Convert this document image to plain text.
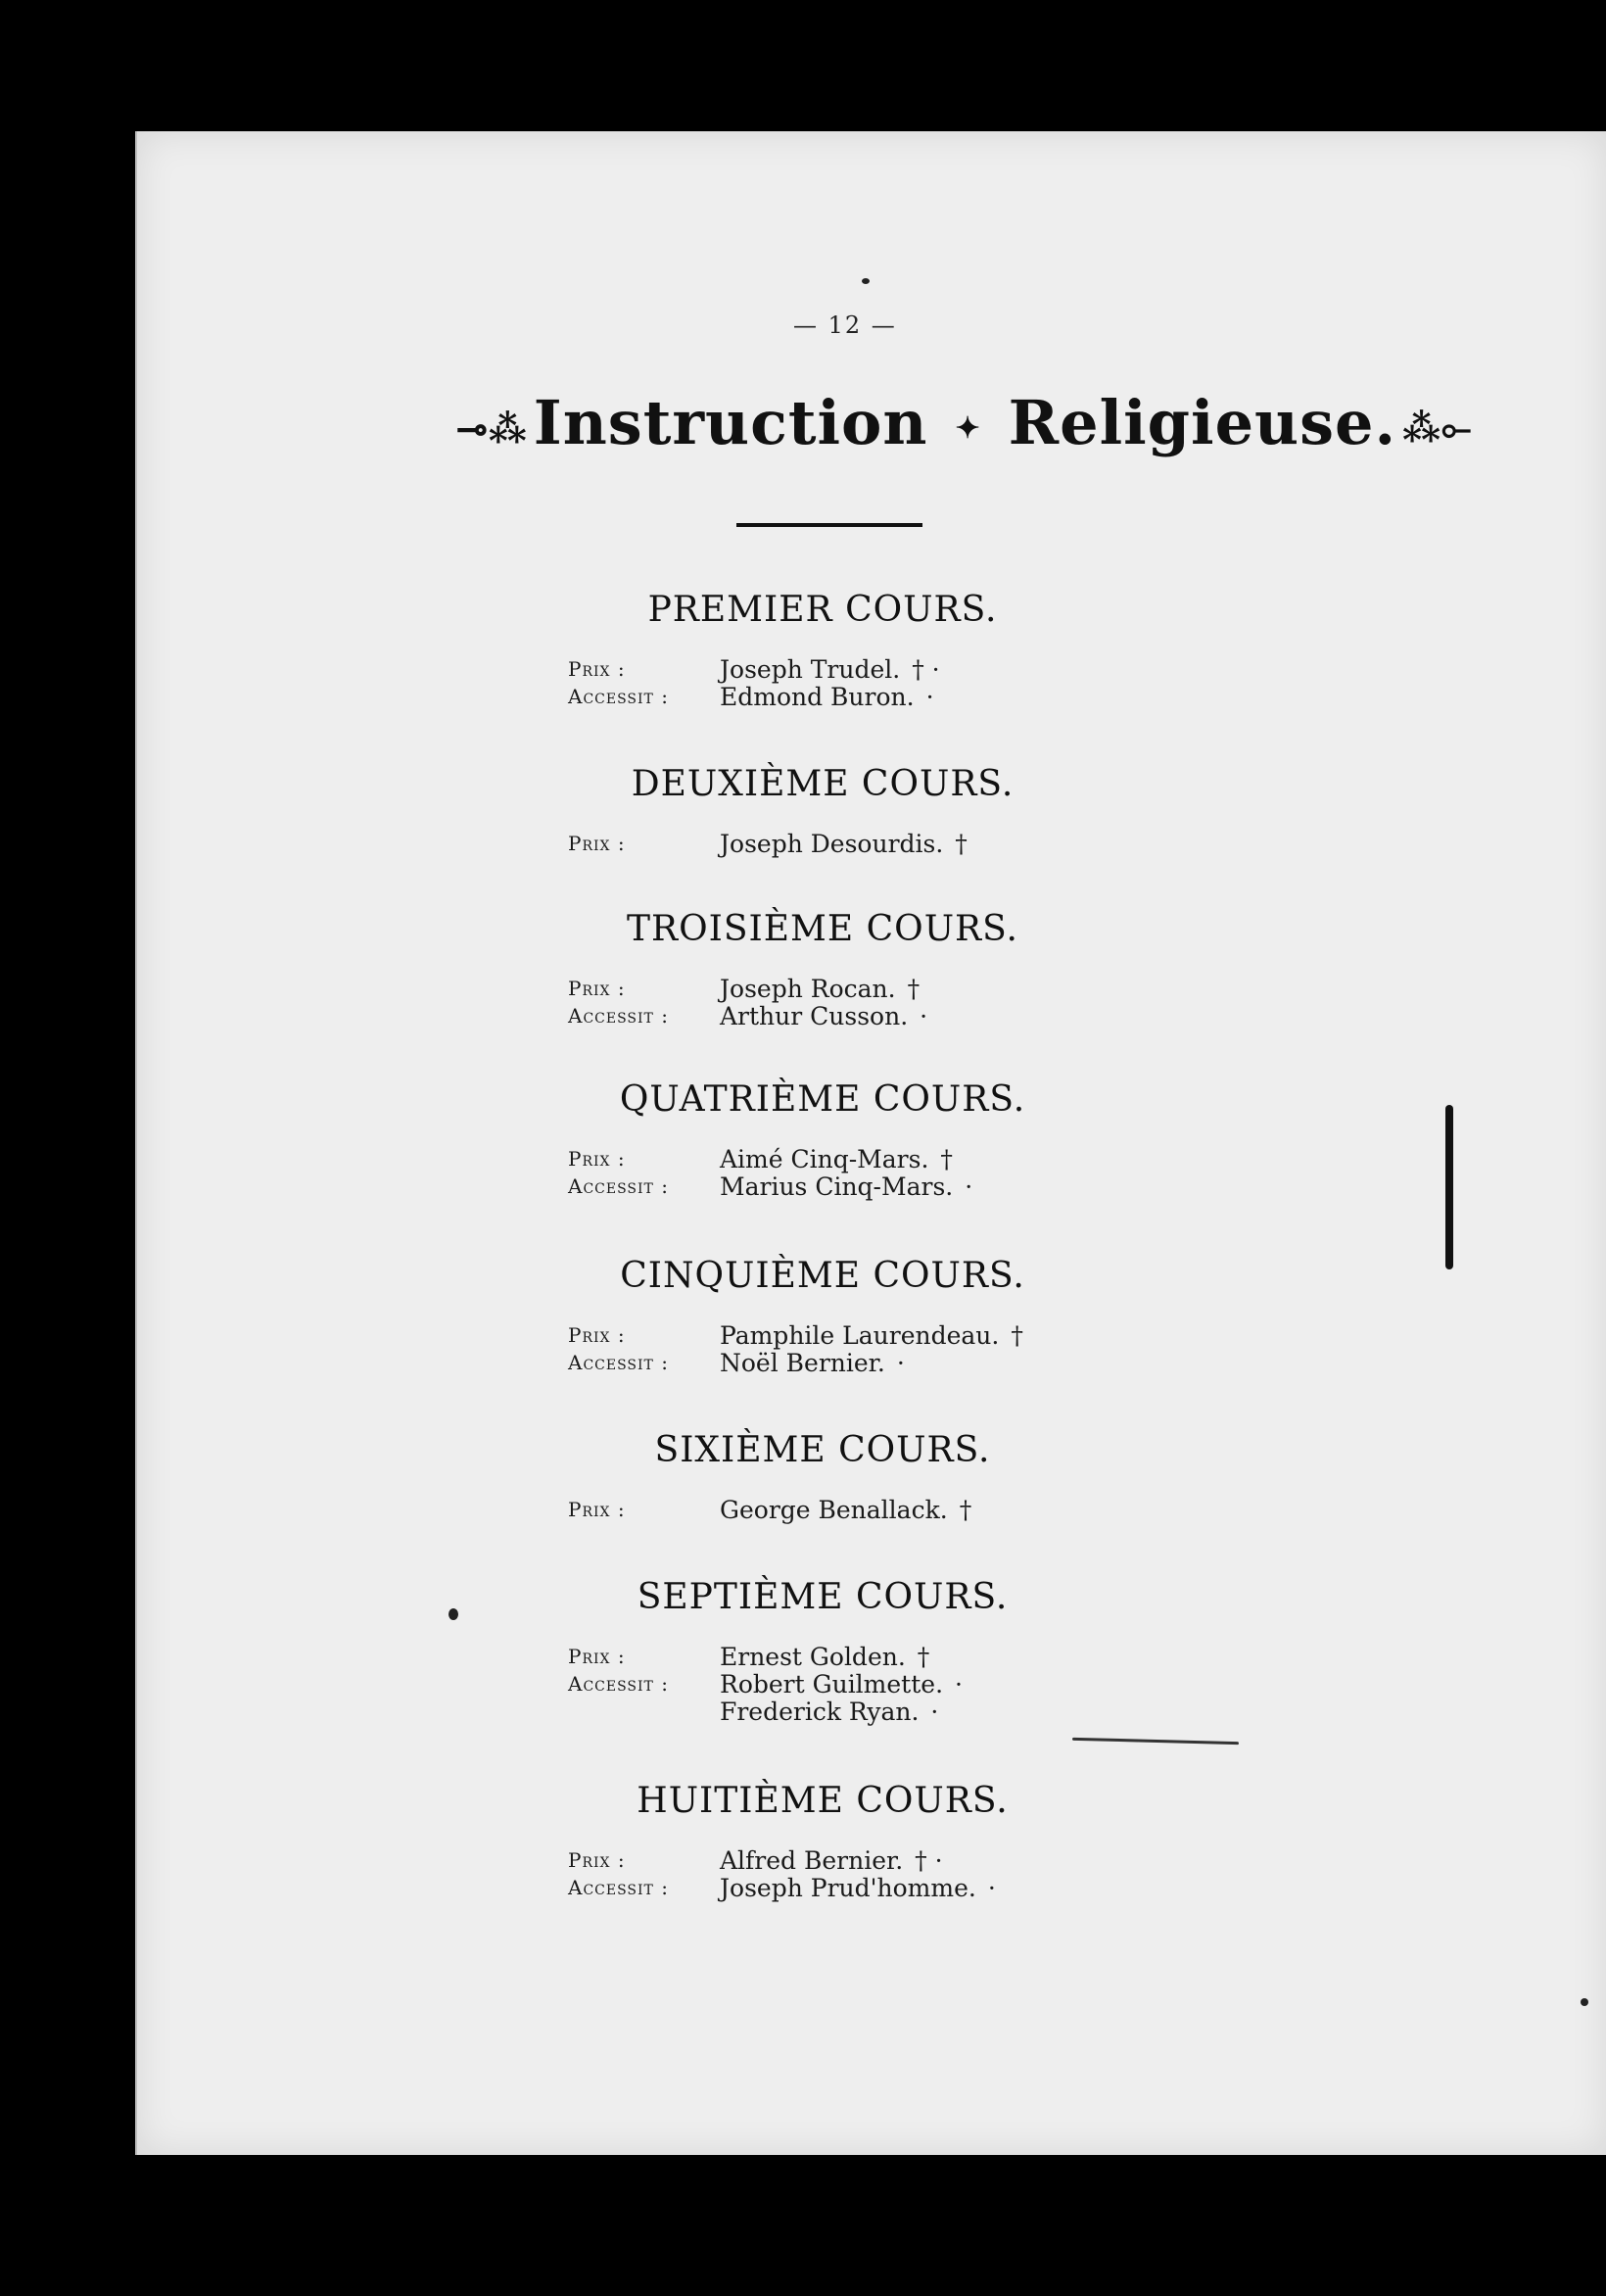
— 12 —
⊸⁂Instruction ✦ Religieuse. ⁂⟜
PREMIER COURS.
Prix :	Joseph Trudel. † ·
Accessit :	Edmond Buron. ·
DEUXIÈME COURS.
Prix :	Joseph Desourdis. †
TROISIÈME COURS.
Prix :	Joseph Rocan. †
Accessit :	Arthur Cusson. ·
QUATRIÈME COURS.
Prix :	Aimé Cinq-Mars. †
Accessit :	Marius Cinq-Mars. ·
CINQUIÈME COURS.
Prix :	Pamphile Laurendeau. †
Accessit :	Noël Bernier. ·
SIXIÈME COURS.
Prix :	George Benallack. †
SEPTIÈME COURS.
Prix :	Ernest Golden. †
Accessit :	Robert Guilmette. ·
Frederick Ryan. ·
HUITIÈME COURS.
Prix :	Alfred Bernier. † ·
Accessit :	Joseph Prud'homme. ·
